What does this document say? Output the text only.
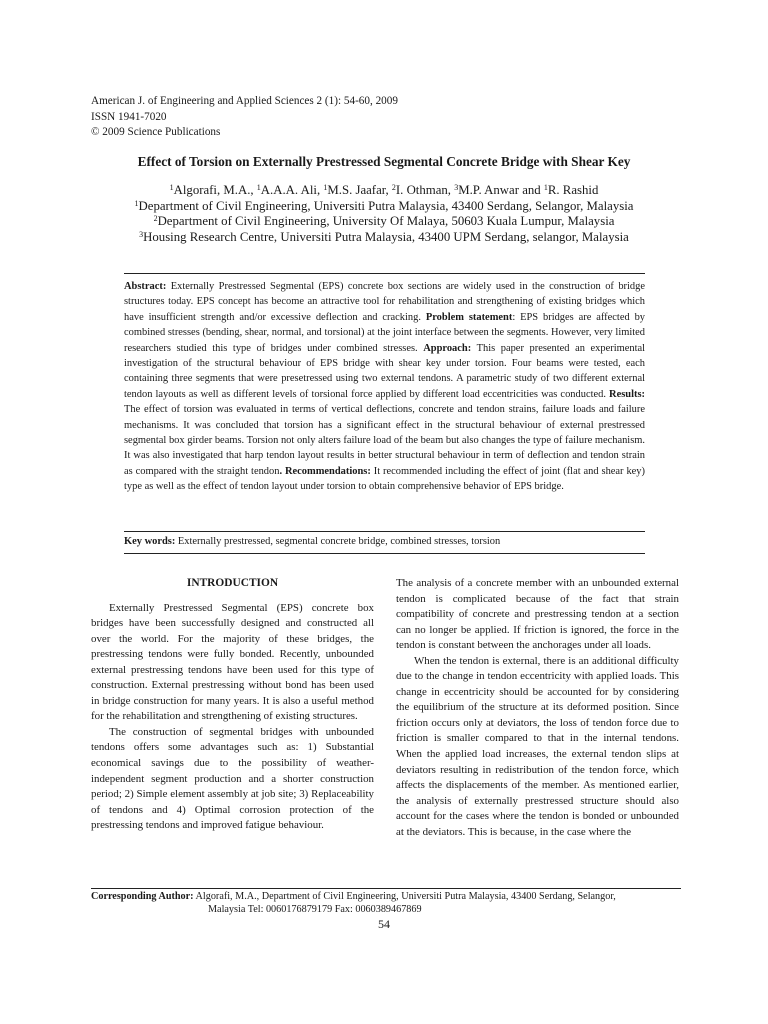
American J. of Engineering and Applied Sciences 2 (1): 54-60, 2009
ISSN 1941-7020
© 2009 Science Publications
Effect of Torsion on Externally Prestressed Segmental Concrete Bridge with Shear Key
$^1$Algorafi, M.A., $^1$A.A.A. Ali, $^1$M.S. Jaafar, $^2$I. Othman, $^3$M.P. Anwar and $^1$R. Rashid
$^1$Department of Civil Engineering, Universiti Putra Malaysia, 43400 Serdang, Selangor, Malaysia
$^2$Department of Civil Engineering, University Of Malaya, 50603 Kuala Lumpur, Malaysia
$^3$Housing Research Centre, Universiti Putra Malaysia, 43400 UPM Serdang, selangor, Malaysia
Abstract: Externally Prestressed Segmental (EPS) concrete box sections are widely used in the construction of bridge structures today. EPS concept has become an attractive tool for rehabilitation and strengthening of existing bridges which have insufficient strength and/or excessive deflection and cracking. Problem statement: EPS bridges are affected by combined stresses (bending, shear, normal, and torsional) at the joint interface between the segments. However, very limited researchers studied this type of bridges under combined stresses. Approach: This paper presented an experimental investigation of the structural behaviour of EPS bridge with shear key under torsion. Four beams were tested, each containing three segments that were presetressed using two external tendons. A parametric study of two different external tendon layouts as well as different levels of torsional force applied by different load eccentricities was conducted. Results: The effect of torsion was evaluated in terms of vertical deflections, concrete and tendon strains, failure loads and failure mechanisms. It was concluded that torsion has a significant effect in the structural behaviour of external prestressed segmental box girder beams. Torsion not only alters failure load of the beam but also changes the type of failure mechanism. It was also investigated that harp tendon layout results in better structural behaviour in term of deflection and tendon strain as compared with the straight tendon. Recommendations: It recommended including the effect of joint (flat and shear key) type as well as the effect of tendon layout under torsion to obtain comprehensive behavior of EPS bridge.
Key words: Externally prestressed, segmental concrete bridge, combined stresses, torsion
INTRODUCTION

Externally Prestressed Segmental (EPS) concrete box bridges have been successfully designed and constructed all over the world. For the majority of these bridges, the prestressing tendons were fully bonded. Recently, unbounded external prestressing tendons have been used for this type of construction. External prestressing without bond has been used in bridge construction for many years. It is also a useful method for the rehabilitation and strengthening of existing structures.

The construction of segmental bridges with unbounded tendons offers some advantages such as: 1) Substantial economical savings due to the possibility of weather-independent segment production and a shorter construction period; 2) Simple element assembly at job site; 3) Replaceability of tendons and 4) Optimal corrosion protection of the prestressing tendons and improved fatigue behaviour.

The analysis of a concrete member with an unbounded external tendon is complicated because of the fact that strain compatibility of concrete and prestressing tendon at a section can no longer be applied. If friction is ignored, the force in the tendon is constant between the anchorages under all loads.

When the tendon is external, there is an additional difficulty due to the change in tendon eccentricity with applied loads. This change in eccentricity should be accounted for by considering the equilibrium of the structure at its deformed position. Since friction occurs only at deviators, the loss of tendon force due to friction is smaller compared to that in the internal tendons. When the applied load increases, the external tendon slips at deviators resulting in redistribution of the tendon force, which affects the displacements of the member. As mentioned earlier, the analysis of externally prestressed structure should also account for the cases where the tendon is bonded or unbounded at the deviators. This is because, in the case where the

Corresponding Author: Algorafi, M.A., Department of Civil Engineering, Universiti Putra Malaysia, 43400 Serdang, Selangor,
Malaysia Tel: 0060176879179 Fax: 0060389467869
54
